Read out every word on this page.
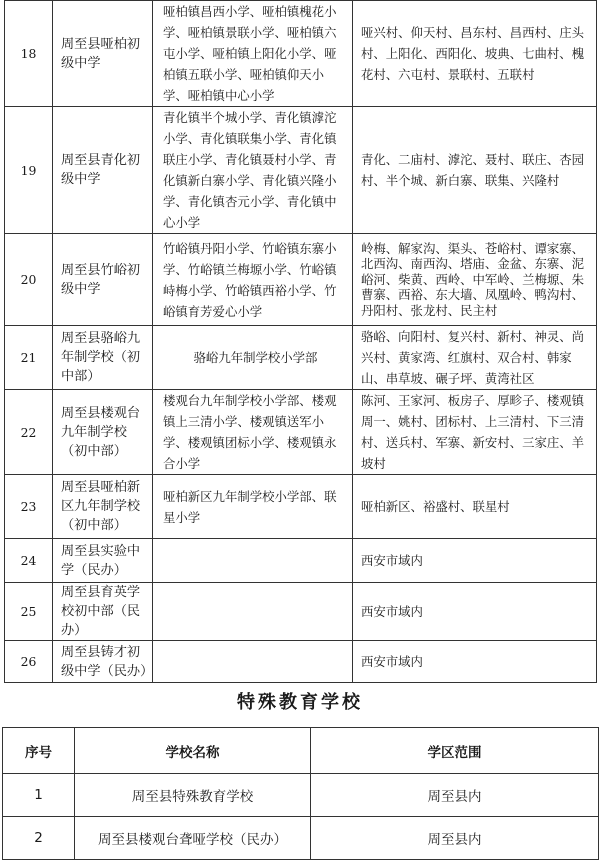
18	周至县哑柏初级中学	哑柏镇昌西小学、哑柏镇槐花小学、哑柏镇景联小学、哑柏镇六屯小学、哑柏镇上阳化小学、哑柏镇五联小学、哑柏镇仰天小学、哑柏镇中心小学	哑兴村、仰天村、昌东村、昌西村、庄头村、上阳化、西阳化、坡典、七曲村、槐花村、六屯村、景联村、五联村
19	周至县青化初级中学	青化镇半个城小学、青化镇滹沱小学、青化镇联集小学、青化镇联庄小学、青化镇聂村小学、青化镇新白寨小学、青化镇兴隆小学、青化镇杏元小学、青化镇中心小学	青化、二庙村、滹沱、聂村、联庄、杏园村、半个城、新白寨、联集、兴隆村
20	周至县竹峪初级中学	竹峪镇丹阳小学、竹峪镇东寨小学、竹峪镇兰梅塬小学、竹峪镇峙梅小学、竹峪镇西裕小学、竹峪镇育芳爱心小学	岭梅、解家沟、渠头、苍峪村、谭家寨、北西沟、南西沟、塔庙、金盆、东寨、泥峪河、柴黄、西岭、中军岭、兰梅塬、朱曹寨、西裕、东大墙、凤凰岭、鸭沟村、丹阳村、张龙村、民主村
21	周至县骆峪九年制学校（初中部）	骆峪九年制学校小学部	骆峪、向阳村、复兴村、新村、神灵、尚兴村、黄家湾、红旗村、双合村、韩家山、串草坡、碾子坪、黄湾社区
22	周至县楼观台九年制学校（初中部）	楼观台九年制学校小学部、楼观镇上三清小学、楼观镇送军小学、楼观镇团标小学、楼观镇永合小学	陈河、王家河、板房子、厚畛子、楼观镇周一、姚村、团标村、上三清村、下三清村、送兵村、军寨、新安村、三家庄、羊坡村
23	周至县哑柏新区九年制学校（初中部）	哑柏新区九年制学校小学部、联星小学	哑柏新区、裕盛村、联星村
24	周至县实验中学（民办）		西安市域内
25	周至县育英学校初中部（民办）		西安市域内
26	周至县铸才初级中学（民办）		西安市域内
特殊教育学校
序号	学校名称	学区范围
1	周至县特殊教育学校	周至县内
2	周至县楼观台聋哑学校（民办）	周至县内
